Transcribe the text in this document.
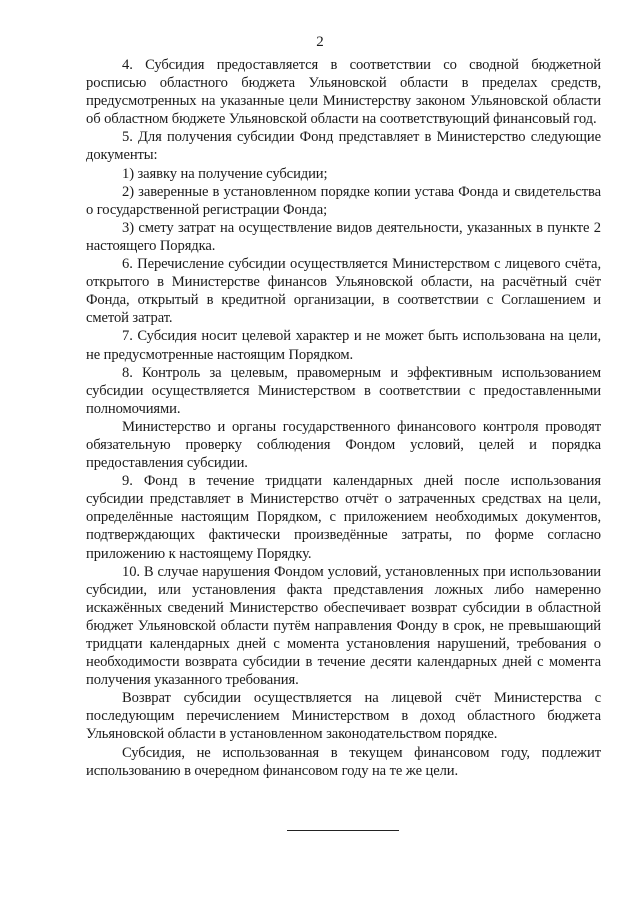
2

4. Субсидия предоставляется в соответствии со сводной бюджетной росписью областного бюджета Ульяновской области в пределах средств, предусмотренных на указанные цели Министерству законом Ульяновской области об областном бюджете Ульяновской области на соответствующий финансовый год.

5. Для получения субсидии Фонд представляет в Министерство следующие документы:

1) заявку на получение субсидии;

2) заверенные в установленном порядке копии устава Фонда и свидетельства о государственной регистрации Фонда;

3) смету затрат на осуществление видов деятельности, указанных в пункте 2 настоящего Порядка.

6. Перечисление субсидии осуществляется Министерством с лицевого счёта, открытого в Министерстве финансов Ульяновской области, на расчётный счёт Фонда, открытый в кредитной организации, в соответствии с Соглашением и сметой затрат.

7. Субсидия носит целевой характер и не может быть использована на цели, не предусмотренные настоящим Порядком.

8. Контроль за целевым, правомерным и эффективным использованием субсидии осуществляется Министерством в соответствии с предоставленными полномочиями.

Министерство и органы государственного финансового контроля проводят обязательную проверку соблюдения Фондом условий, целей и порядка предоставления субсидии.

9. Фонд в течение тридцати календарных дней после использования субсидии представляет в Министерство отчёт о затраченных средствах на цели, определённые настоящим Порядком, с приложением необходимых документов, подтверждающих фактически произведённые затраты, по форме согласно приложению к настоящему Порядку.

10. В случае нарушения Фондом условий, установленных при использовании субсидии, или установления факта представления ложных либо намеренно искажённых сведений Министерство обеспечивает возврат субсидии в областной бюджет Ульяновской области путём направления Фонду в срок, не превышающий тридцати календарных дней с момента установления нарушений, требования о необходимости возврата субсидии в течение десяти календарных дней с момента получения указанного требования.

Возврат субсидии осуществляется на лицевой счёт Министерства с последующим перечислением Министерством в доход областного бюджета Ульяновской области в установленном законодательством порядке.

Субсидия, не использованная в текущем финансовом году, подлежит использованию в очередном финансовом году на те же цели.
